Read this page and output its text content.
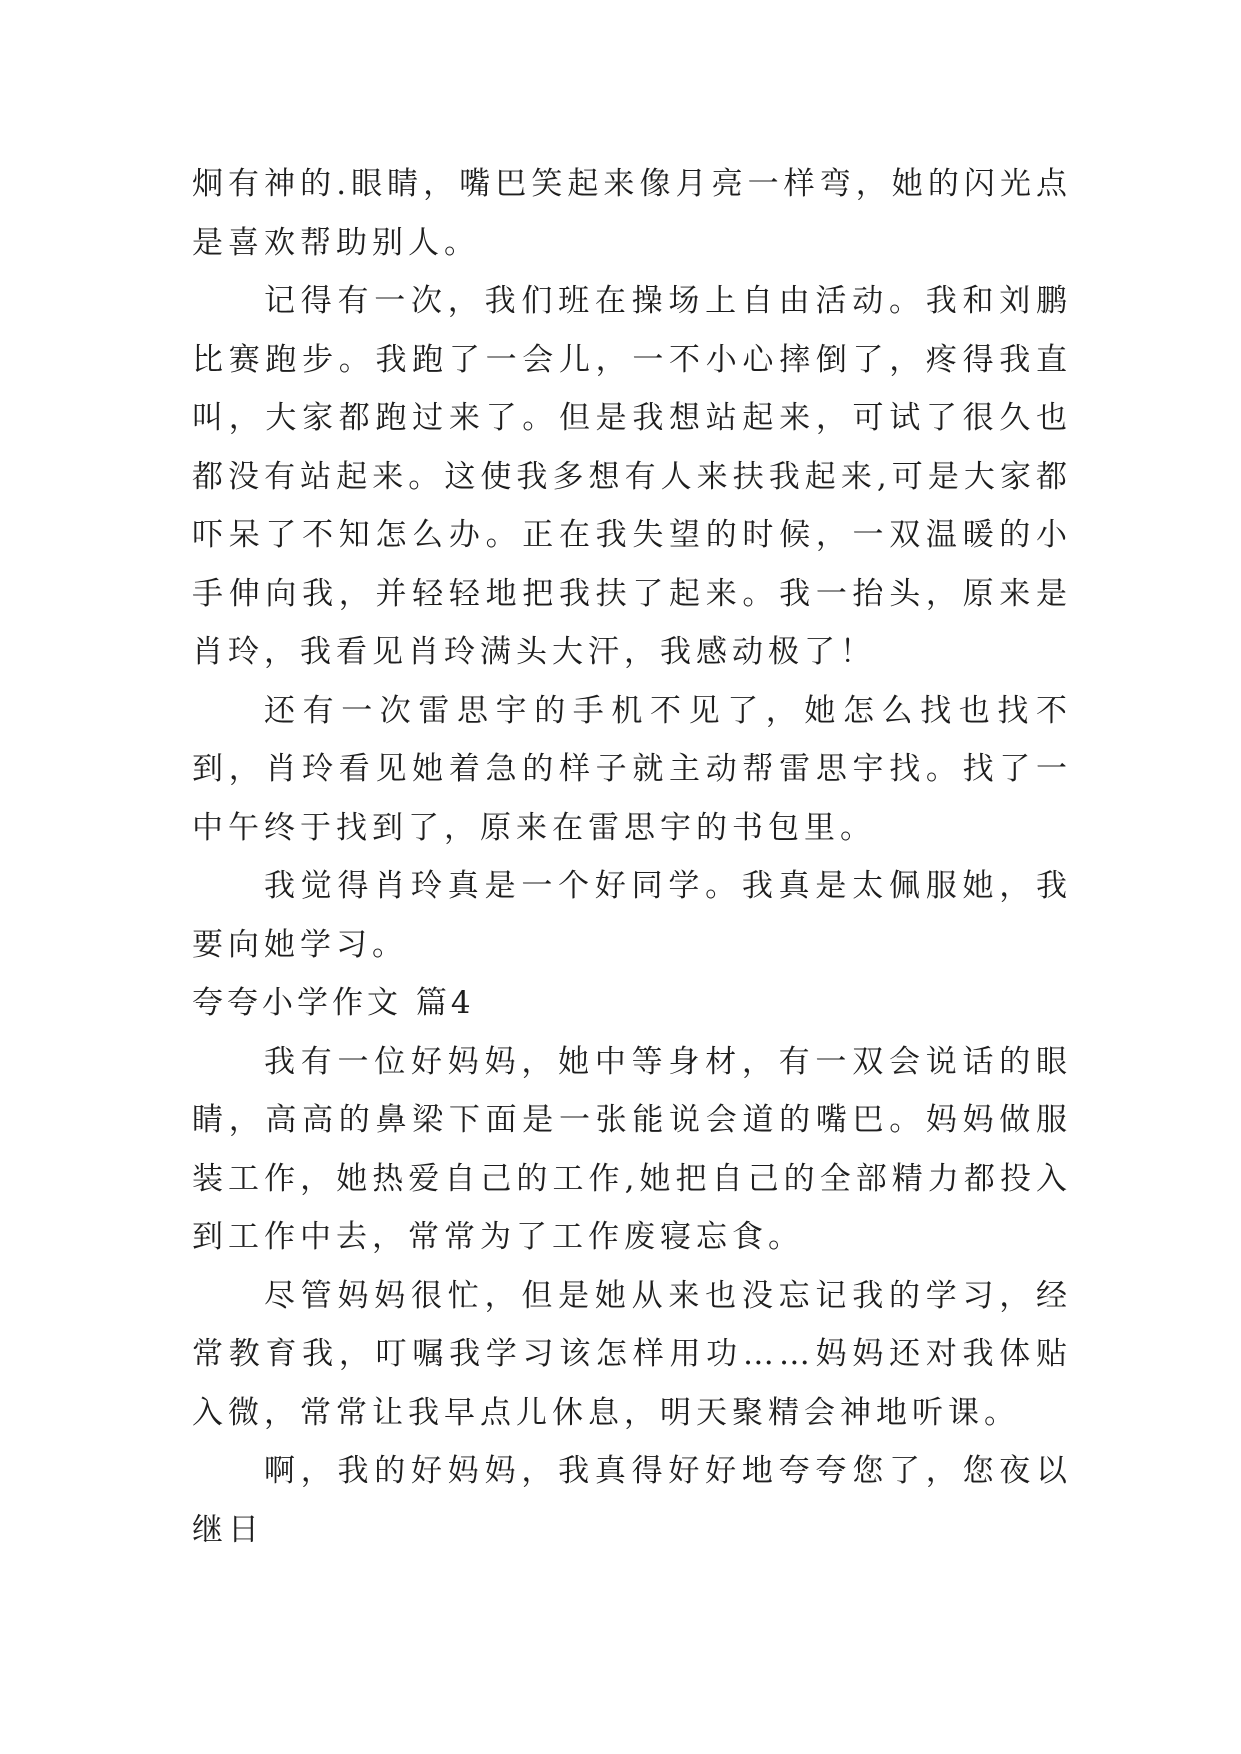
炯有神的.眼睛，嘴巴笑起来像月亮一样弯，她的闪光点是喜欢帮助别人。

记得有一次，我们班在操场上自由活动。我和刘鹏比赛跑步。我跑了一会儿，一不小心摔倒了，疼得我直叫，大家都跑过来了。但是我想站起来，可试了很久也都没有站起来。这使我多想有人来扶我起来,可是大家都吓呆了不知怎么办。正在我失望的时候，一双温暖的小手伸向我，并轻轻地把我扶了起来。我一抬头，原来是肖玲，我看见肖玲满头大汗，我感动极了！

还有一次雷思宇的手机不见了，她怎么找也找不到，肖玲看见她着急的样子就主动帮雷思宇找。找了一中午终于找到了，原来在雷思宇的书包里。

我觉得肖玲真是一个好同学。我真是太佩服她，我要向她学习。

夸夸小学作文 篇4

我有一位好妈妈，她中等身材，有一双会说话的眼睛，高高的鼻梁下面是一张能说会道的嘴巴。妈妈做服装工作，她热爱自己的工作,她把自己的全部精力都投入到工作中去，常常为了工作废寝忘食。

尽管妈妈很忙，但是她从来也没忘记我的学习，经常教育我，叮嘱我学习该怎样用功……妈妈还对我体贴入微，常常让我早点儿休息，明天聚精会神地听课。

啊，我的好妈妈，我真得好好地夸夸您了，您夜以继日
